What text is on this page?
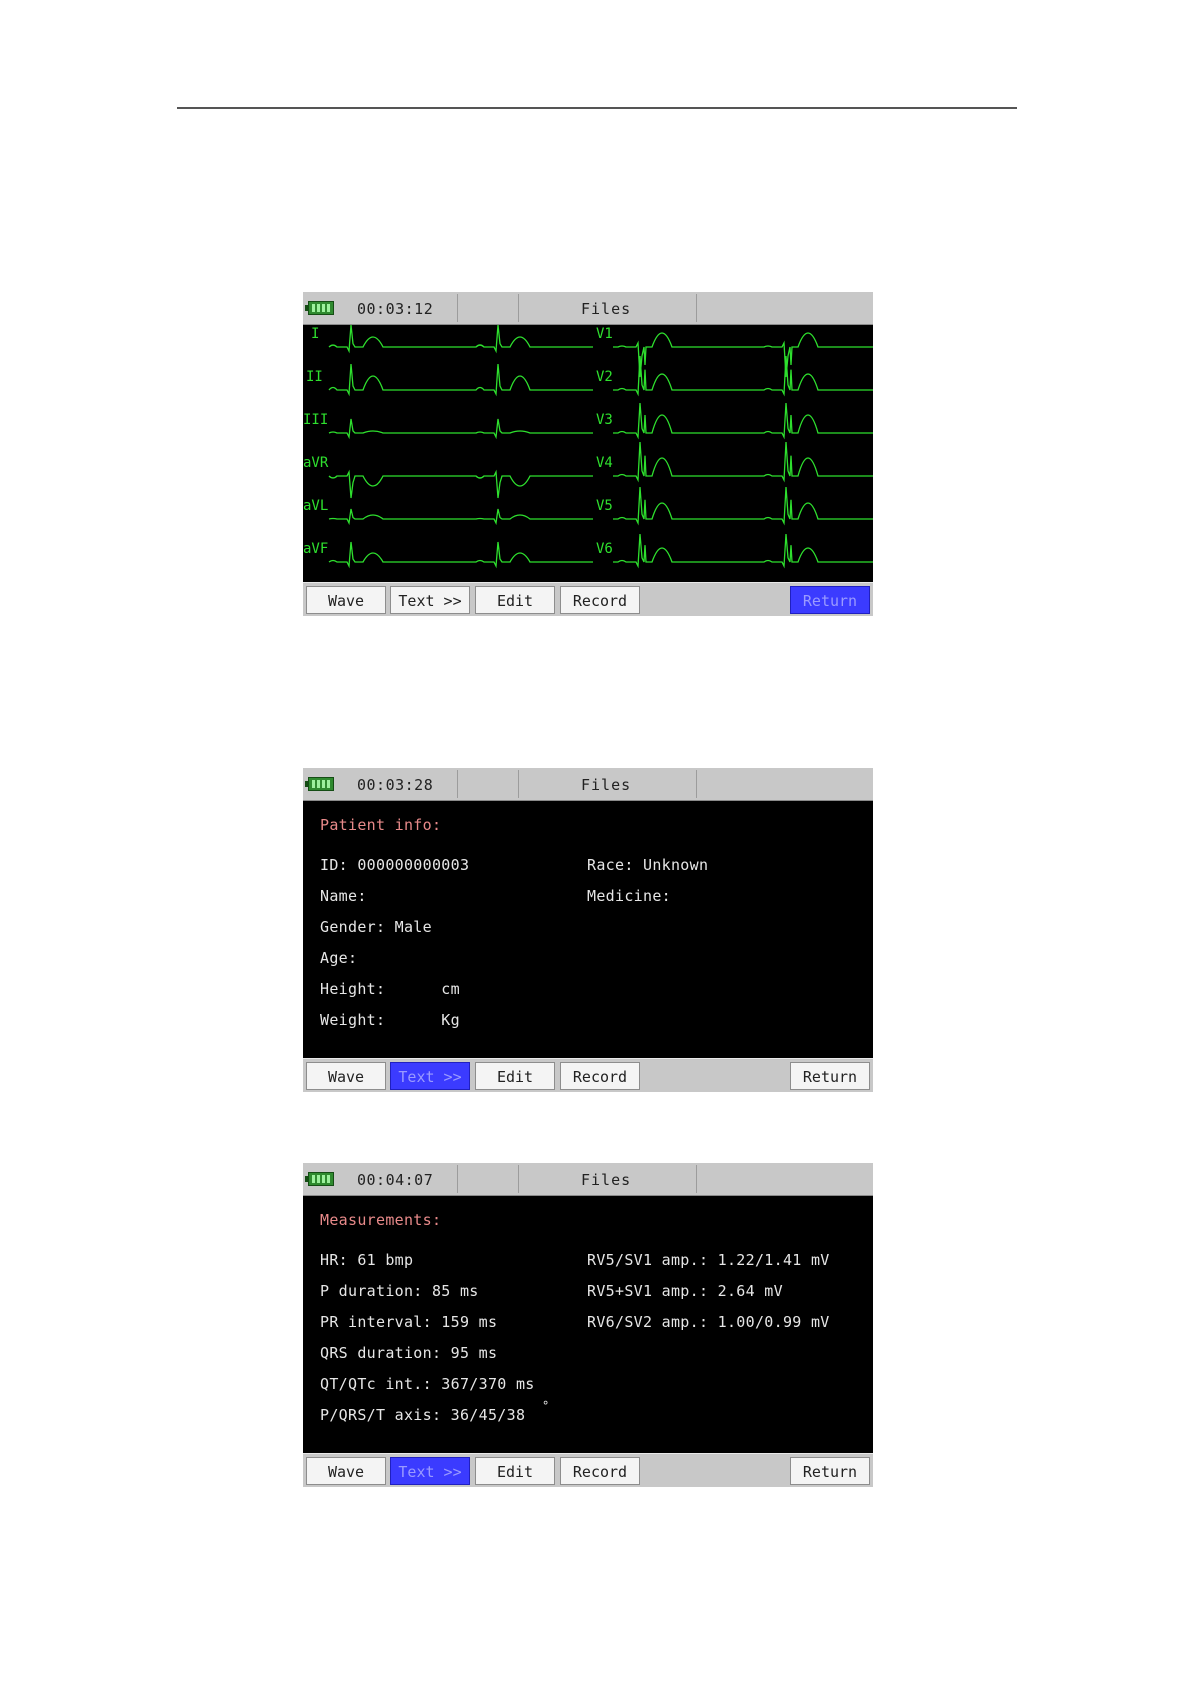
00:03:12	Files
I
II
III
aVR
aVL
aVF
V1
V2
V3
V4
V5
V6
Wave	Text >>	Edit	Record	Return
00:03:28	Files
Patient info:
ID: 000000000003
Name:
Gender: Male
Age:
Height:      cm
Weight:      Kg
Race: Unknown
Medicine:
Wave	Text >>	Edit	Record	Return
00:04:07	Files
Measurements:
HR: 61 bmp
P duration: 85 ms
PR interval: 159 ms
QRS duration: 95 ms
QT/QTc int.: 367/370 ms
P/QRS/T axis: 36/45/38 °
RV5/SV1 amp.: 1.22/1.41 mV
RV5+SV1 amp.: 2.64 mV
RV6/SV2 amp.: 1.00/0.99 mV
Wave	Text >>	Edit	Record	Return
